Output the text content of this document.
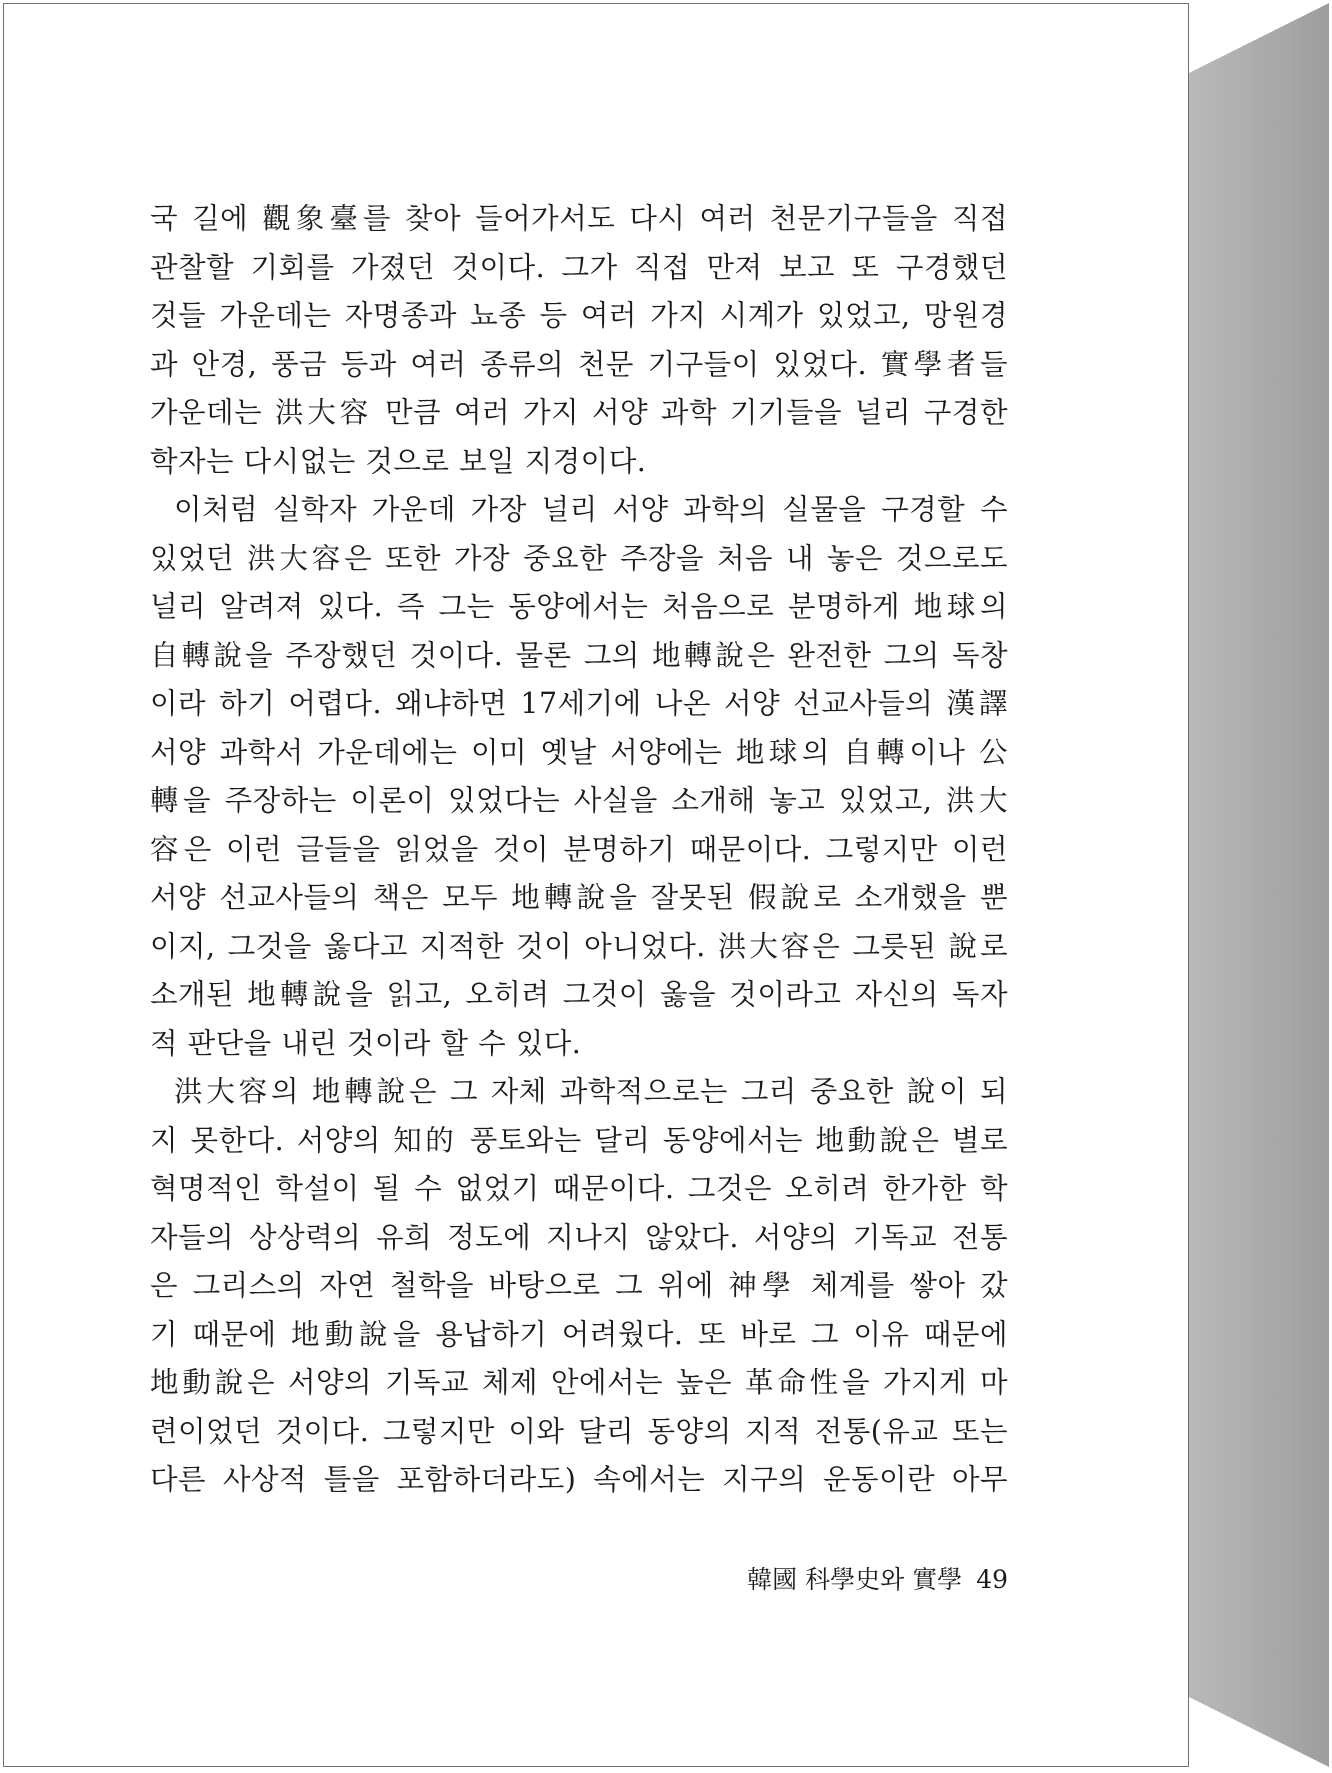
국 길에 觀象臺를 찾아 들어가서도 다시 여러 천문기구들을 직접
관찰할 기회를 가졌던 것이다. 그가 직접 만져 보고 또 구경했던
것들 가운데는 자명종과 뇨종 등 여러 가지 시계가 있었고, 망원경
과 안경, 풍금 등과 여러 종류의 천문 기구들이 있었다. 實學者들
가운데는 洪大容 만큼 여러 가지 서양 과학 기기들을 널리 구경한
학자는 다시없는 것으로 보일 지경이다.
이처럼 실학자 가운데 가장 널리 서양 과학의 실물을 구경할 수
있었던 洪大容은 또한 가장 중요한 주장을 처음 내 놓은 것으로도
널리 알려져 있다. 즉 그는 동양에서는 처음으로 분명하게 地球의
自轉說을 주장했던 것이다. 물론 그의 地轉說은 완전한 그의 독창
이라 하기 어렵다. 왜냐하면 17세기에 나온 서양 선교사들의 漢譯
서양 과학서 가운데에는 이미 옛날 서양에는 地球의 自轉이나 公
轉을 주장하는 이론이 있었다는 사실을 소개해 놓고 있었고, 洪大
容은 이런 글들을 읽었을 것이 분명하기 때문이다. 그렇지만 이런
서양 선교사들의 책은 모두 地轉說을 잘못된 假說로 소개했을 뿐
이지, 그것을 옳다고 지적한 것이 아니었다. 洪大容은 그릇된 說로
소개된 地轉說을 읽고, 오히려 그것이 옳을 것이라고 자신의 독자
적 판단을 내린 것이라 할 수 있다.
洪大容의 地轉說은 그 자체 과학적으로는 그리 중요한 說이 되
지 못한다. 서양의 知的 풍토와는 달리 동양에서는 地動說은 별로
혁명적인 학설이 될 수 없었기 때문이다. 그것은 오히려 한가한 학
자들의 상상력의 유희 정도에 지나지 않았다. 서양의 기독교 전통
은 그리스의 자연 철학을 바탕으로 그 위에 神學 체계를 쌓아 갔
기 때문에 地動說을 용납하기 어려웠다. 또 바로 그 이유 때문에
地動說은 서양의 기독교 체제 안에서는 높은 革命性을 가지게 마
련이었던 것이다. 그렇지만 이와 달리 동양의 지적 전통(유교 또는
다른 사상적 틀을 포함하더라도) 속에서는 지구의 운동이란 아무
韓國 科學史와 實學 49
